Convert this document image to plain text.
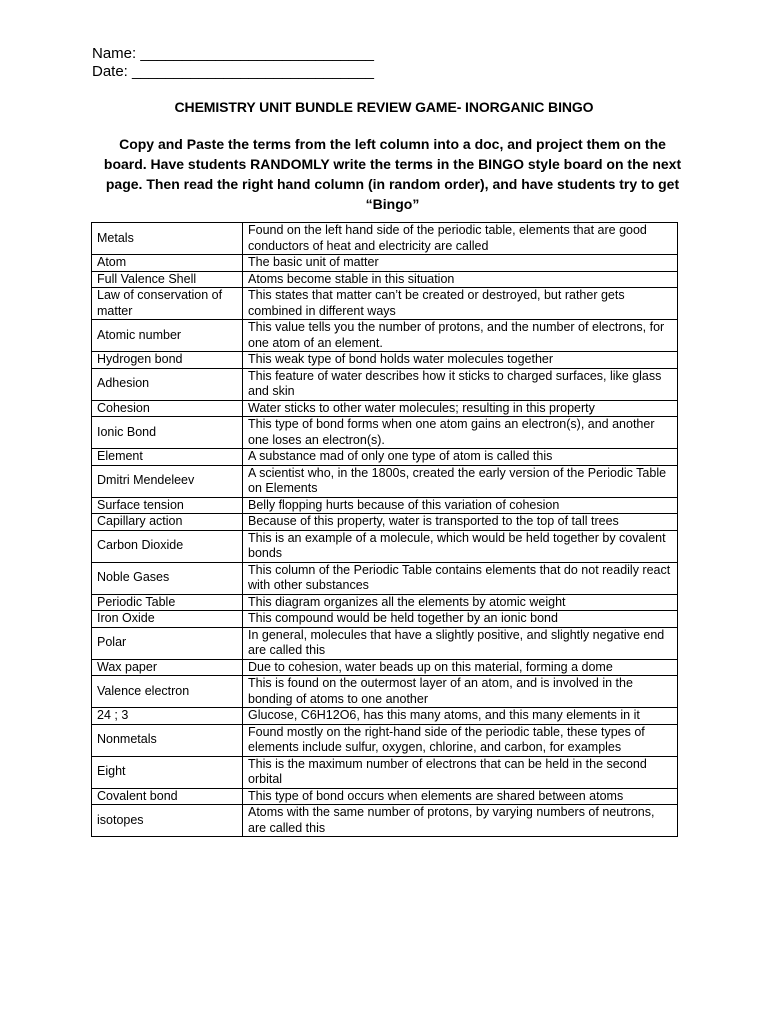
Name: ____________________________
Date: _____________________________
CHEMISTRY UNIT BUNDLE REVIEW GAME- INORGANIC BINGO
Copy and Paste the terms from the left column into a doc, and project them on the board. Have students RANDOMLY write the terms in the BINGO style board on the next page. Then read the right hand column (in random order), and have students try to get “Bingo”
Metals	Found on the left hand side of the periodic table, elements that are good conductors of heat and electricity are called
Atom	The basic unit of matter
Full Valence Shell	Atoms become stable in this situation
Law of conservation of matter	This states that matter can’t be created or destroyed, but rather gets combined in different ways
Atomic number	This value tells you the number of protons, and the number of electrons, for one atom of an element.
Hydrogen bond	This weak type of bond holds water molecules together
Adhesion	This feature of water describes how it sticks to charged surfaces, like glass and skin
Cohesion	Water sticks to other water molecules; resulting in this property
Ionic Bond	This type of bond forms when one atom gains an electron(s), and another one loses an electron(s).
Element	A substance mad of only one type of atom is called this
Dmitri Mendeleev	A scientist who, in the 1800s, created the early version of the Periodic Table on Elements
Surface tension	Belly flopping hurts because of this variation of cohesion
Capillary action	Because of this property, water is transported to the top of tall trees
Carbon Dioxide	This is an example of a molecule, which would be held together by covalent bonds
Noble Gases	This column of the Periodic Table contains elements that do not readily react with other substances
Periodic Table	This diagram organizes all the elements by atomic weight
Iron Oxide	This compound would be held together by an ionic bond
Polar	In general, molecules that have a slightly positive, and slightly negative end are called this
Wax paper	Due to cohesion, water beads up on this material, forming a dome
Valence electron	This is found on the outermost layer of an atom, and is involved in the bonding of atoms to one another
24 ; 3	Glucose, C6H12O6, has this many atoms, and this many elements in it
Nonmetals	Found mostly on the right-hand side of the periodic table, these types of elements include sulfur, oxygen, chlorine, and carbon, for examples
Eight	This is the maximum number of electrons that can be held in the second orbital
Covalent bond	This type of bond occurs when elements are shared between atoms
isotopes	Atoms with the same number of protons, by varying numbers of neutrons, are called this
